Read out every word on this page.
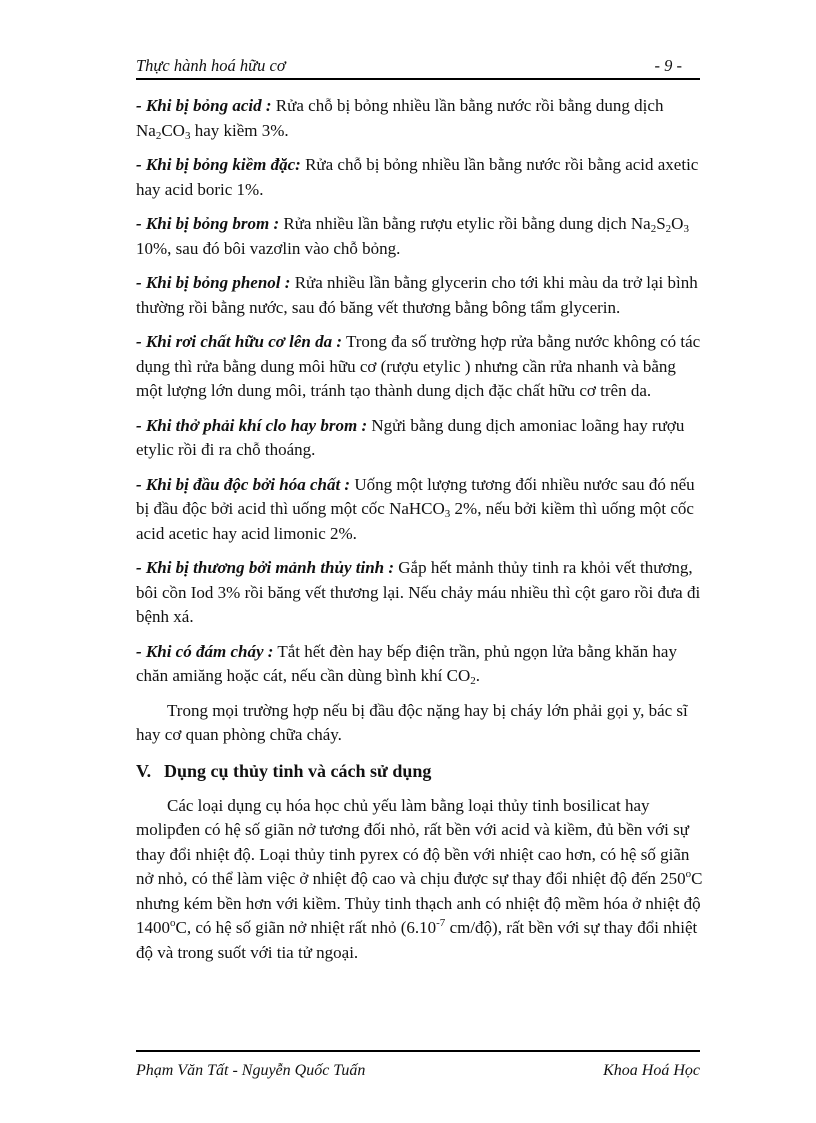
Thực hành hoá hữu cơ	- 9 -

- Khi bị bỏng acid : Rửa chỗ bị bỏng nhiều lần bằng nước rồi bằng dung dịch $Na_2CO_3$ hay kiềm 3%.

- Khi bị bỏng kiềm đặc: Rửa chỗ bị bỏng nhiều lần bằng nước rồi bằng acid axetic hay acid boric 1%.

- Khi bị bỏng brom : Rửa nhiều lần bằng rượu etylic rồi bằng dung dịch $Na_2S_2O_3$ 10%, sau đó bôi vazơlin vào chỗ bỏng.

- Khi bị bỏng phenol : Rửa nhiều lần bằng glycerin cho tới khi màu da trở lại bình thường rồi bằng nước, sau đó băng vết thương bằng bông tẩm glycerin.

- Khi rơi chất hữu cơ lên da : Trong đa số trường hợp rửa bằng nước không có tác dụng thì rửa bằng dung môi hữu cơ (rượu etylic ) nhưng cần rửa nhanh và bằng một lượng lớn dung môi, tránh tạo thành dung dịch đặc chất hữu cơ trên da.

- Khi thở phải khí clo hay brom : Ngửi bằng dung dịch amoniac loãng hay rượu etylic rồi đi ra chỗ thoáng.

- Khi bị đầu độc bởi hóa chất : Uống một lượng tương đối nhiều nước sau đó nếu bị đầu độc bởi acid thì uống một cốc NaHCO$_3$ 2%, nếu bởi kiềm thì uống một cốc acid acetic hay acid limonic 2%.

- Khi bị thương bởi mảnh thủy tinh : Gắp hết mảnh thủy tinh ra khỏi vết thương, bôi cồn Iod 3% rồi băng vết thương lại. Nếu chảy máu nhiều thì cột garo rồi đưa đi bệnh xá.

- Khi có đám cháy : Tắt hết đèn hay bếp điện trần, phủ ngọn lửa bằng khăn hay chăn amiăng hoặc cát, nếu cần dùng bình khí $CO_2$.

Trong mọi trường hợp nếu bị đầu độc nặng hay bị cháy lớn phải gọi y, bác sĩ hay cơ quan phòng chữa cháy.

V. Dụng cụ thủy tinh và cách sử dụng

Các loại dụng cụ hóa học chủ yếu làm bằng loại thủy tinh bosilicat hay molipđen có hệ số giãn nở tương đối nhỏ, rất bền với acid và kiềm, đủ bền với sự thay đổi nhiệt độ. Loại thủy tinh pyrex có độ bền với nhiệt cao hơn, có hệ số giãn nở nhỏ, có thể làm việc ở nhiệt độ cao và chịu được sự thay đổi nhiệt độ đến 250$^o$C nhưng kém bền hơn với kiềm. Thủy tinh thạch anh có nhiệt độ mềm hóa ở nhiệt độ 1400$^o$C, có hệ số giãn nở nhiệt rất nhỏ ($6.10^{-7}$ cm/độ), rất bền với sự thay đổi nhiệt độ và trong suốt với tia tử ngoại.

Phạm Văn Tất - Nguyễn Quốc Tuấn	Khoa Hoá Học
